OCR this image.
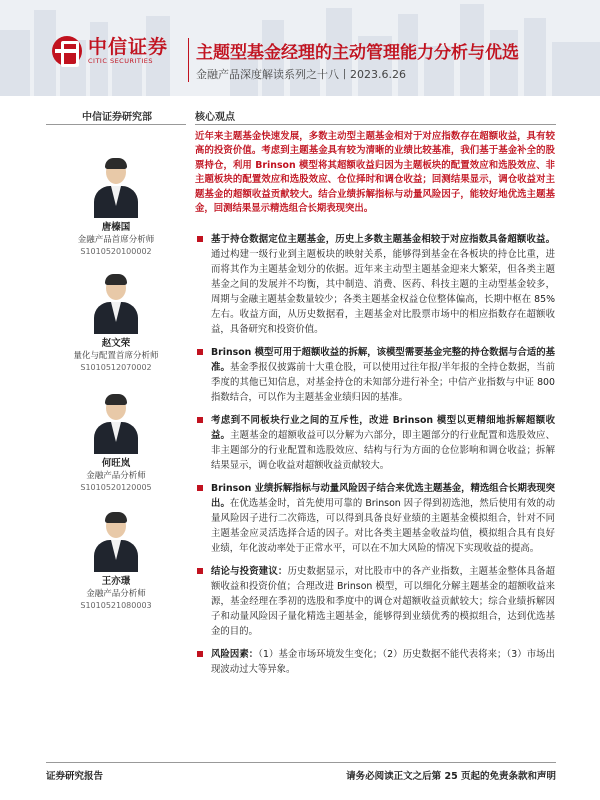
中信证券
CITIC SECURITIES	主题型基金经理的主动管理能力分析与优选
金融产品深度解读系列之十八丨2023.6.26
中信证券研究部	核心观点
唐榛国
金融产品首席分析师
S1010520100002
赵文荣
量化与配置首席分析师
S1010512070002
何旺岚
金融产品分析师
S1010520120005
王亦璟
金融产品分析师
S1010521080003
近年来主题基金快速发展，多数主动型主题基金相对于对应指数存在超额收益，具有较高的投资价值。考虑到主题基金具有较为清晰的业绩比较基准，我们基于基金补全的股票持仓，利用 Brinson 模型将其超额收益归因为主题板块的配置效应和选股效应、非主题板块的配置效应和选股效应、仓位择时和调仓收益；回测结果显示，调仓收益对主题基金的超额收益贡献较大。结合业绩拆解指标与动量风险因子，能较好地优选主题基金，回测结果显示精选组合长期表现突出。
基于持仓数据定位主题基金，历史上多数主题基金相较于对应指数具备超额收益。通过构建一级行业到主题板块的映射关系，能够得到基金在各板块的持仓比重，进而将其作为主题基金划分的依据。近年来主动型主题基金迎来大繁荣，但各类主题基金之间的发展并不均衡，其中制造、消费、医药、科技主题的主动型基金较多，周期与金融主题基金数量较少；各类主题基金权益仓位整体偏高，长期中枢在 85%左右。收益方面，从历史数据看，主题基金对比股票市场中的相应指数存在超额收益，具备研究和投资价值。
Brinson 模型可用于超额收益的拆解，该模型需要基金完整的持仓数据与合适的基准。基金季报仅披露前十大重仓股，可以使用过往年报/半年报的全持仓数据，当前季度的其他已知信息，对基金持仓的未知部分进行补全；中信产业指数与中证 800 指数结合，可以作为主题基金业绩归因的基准。
考虑到不同板块行业之间的互斥性，改进 Brinson 模型以更精细地拆解超额收益。主题基金的超额收益可以分解为六部分，即主题部分的行业配置和选股效应、非主题部分的行业配置和选股效应、结构与行为方面的仓位影响和调仓收益；拆解结果显示，调仓收益对超额收益贡献较大。
Brinson 业绩拆解指标与动量风险因子结合来优选主题基金，精选组合长期表现突出。在优选基金时，首先使用可靠的 Brinson 因子得到初选池，然后使用有效的动量风险因子进行二次筛选，可以得到具备良好业绩的主题基金模拟组合，针对不同主题基金应灵活选择合适的因子。对比各类主题基金收益均值，模拟组合具有良好业绩，年化波动率处于正常水平，可以在不加大风险的情况下实现收益的提高。
结论与投资建议：历史数据显示，对比股市中的各产业指数，主题基金整体具备超额收益和投资价值；合理改进 Brinson 模型，可以细化分解主题基金的超额收益来源，基金经理在季初的选股和季度中的调仓对超额收益贡献较大；综合业绩拆解因子和动量风险因子量化精选主题基金，能够得到业绩优秀的模拟组合，达到优选基金的目的。
风险因素：（1）基金市场环境发生变化；（2）历史数据不能代表将来；（3）市场出现波动过大等异象。
证券研究报告	请务必阅读正文之后第 25 页起的免责条款和声明
